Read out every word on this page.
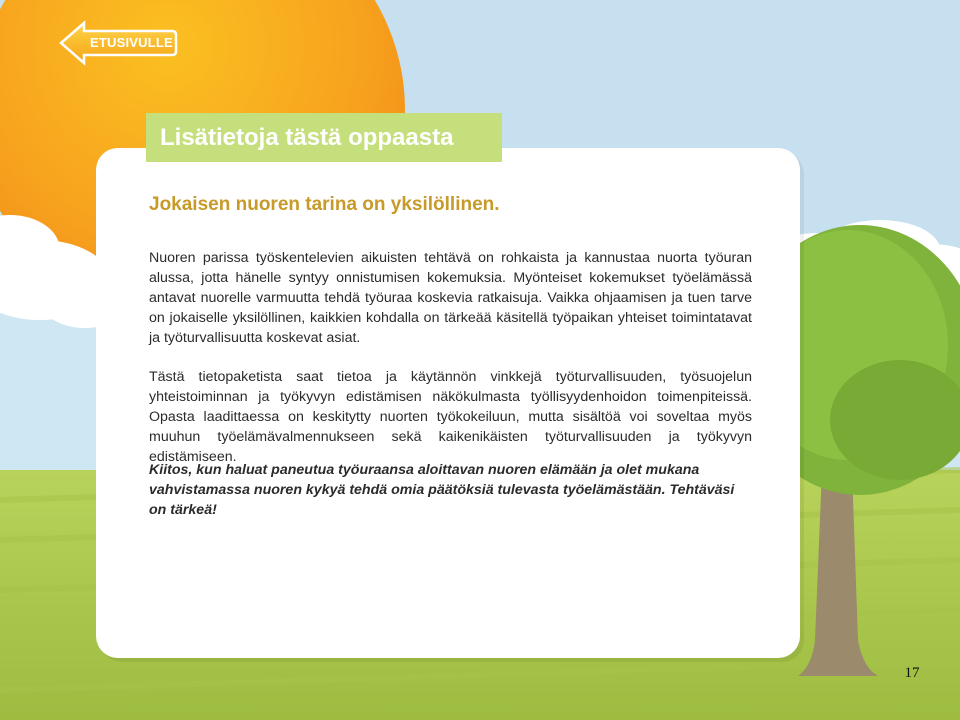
ETUSIVULLE
Lisätietoja tästä oppaasta
Jokaisen nuoren tarina on yksilöllinen.
Nuoren parissa työskentelevien aikuisten tehtävä on rohkaista ja kannustaa nuorta työuran alussa, jotta hänelle syntyy onnistumisen kokemuksia. Myönteiset kokemukset työelämässä antavat nuorelle varmuutta tehdä työuraa koskevia ratkaisuja. Vaikka ohjaamisen ja tuen tarve on jokaiselle yksilöllinen, kaikkien kohdalla on tärkeää käsitellä työpaikan yhteiset toimintatavat ja työturvallisuutta koskevat asiat.
Tästä tietopaketista saat tietoa ja käytännön vinkkejä työturvallisuuden, työsuojelun yhteistoiminnan ja työkyvyn edistämisen näkökulmasta työllisyydenhoidon toimenpiteissä. Opasta laadittaessa on keskitytty nuorten työkokeiluun, mutta sisältöä voi soveltaa myös muuhun työelämävalmennukseen sekä kaikenikäisten työturvallisuuden ja työkyvyn edistämiseen.
Kiitos, kun haluat paneutua työuraansa aloittavan nuoren elämään ja olet mukana vahvistamassa nuoren kykyä tehdä omia päätöksiä tulevasta työelämästään. Tehtäväsi on tärkeä!
17
